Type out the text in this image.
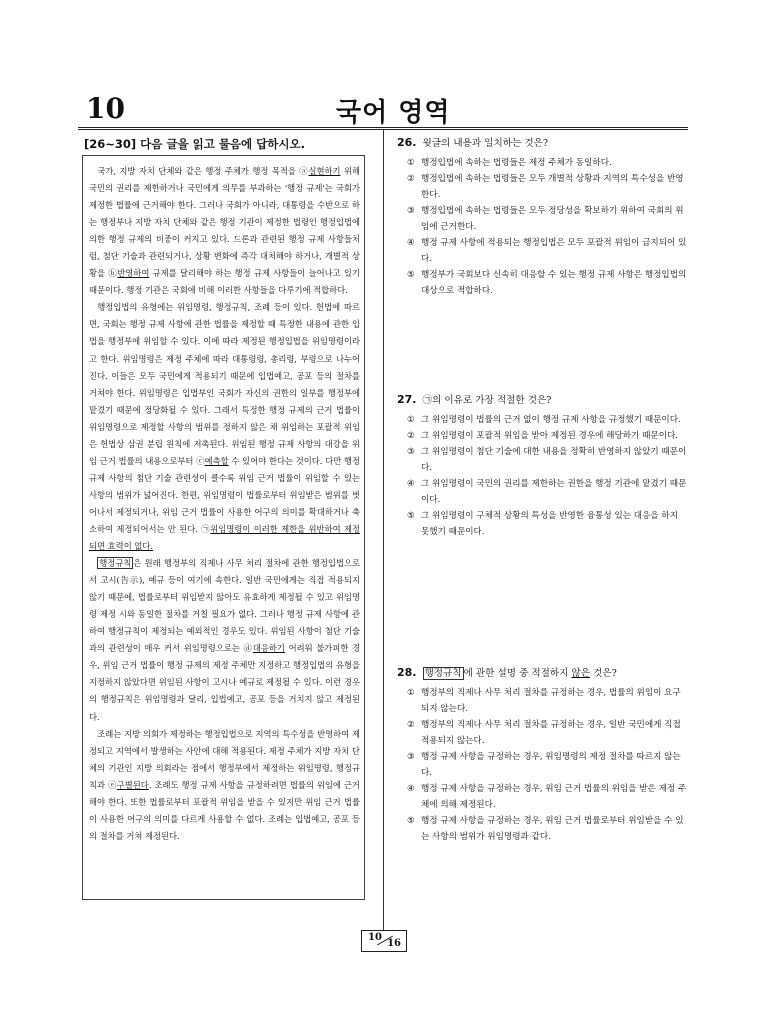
10	국어 영역
[26~30] 다음 글을 읽고 물음에 답하시오.

국가, 지방 자치 단체와 같은 행정 주체가 행정 목적을 ⓐ실현하기 위해 국민의 권리를 제한하거나 국민에게 의무를 부과하는 '행정 규제'는 국회가 제정한 법률에 근거해야 한다. 그러나 국회가 아니라, 대통령을 수반으로 하는 행정부나 지방 자치 단체와 같은 행정 기관이 제정한 법령인 행정입법에 의한 행정 규제의 비중이 커지고 있다. 드론과 관련된 행정 규제 사항들처럼, 첨단 기술과 관련되거나, 상황 변화에 즉각 대처해야 하거나, 개별적 상황을 ⓑ반영하여 규제를 달리해야 하는 행정 규제 사항들이 늘어나고 있기 때문이다. 행정 기관은 국회에 비해 이러한 사항들을 다루기에 적합하다.

행정입법의 유형에는 위임명령, 행정규칙, 조례 등이 있다. 헌법에 따르면, 국회는 행정 규제 사항에 관한 법률을 제정할 때 특정한 내용에 관한 입법을 행정부에 위임할 수 있다. 이에 따라 제정된 행정입법을 위임명령이라고 한다. 위임명령은 제정 주체에 따라 대통령령, 총리령, 부령으로 나누어진다. 이들은 모두 국민에게 적용되기 때문에 입법예고, 공포 등의 절차를 거쳐야 한다. 위임명령은 입법부인 국회가 자신의 권한의 일부를 행정부에 맡겼기 때문에 정당화될 수 있다. 그래서 특정한 행정 규제의 근거 법률이 위임명령으로 제정할 사항의 범위를 정하지 않은 채 위임하는 포괄적 위임은 헌법상 삼권 분립 원칙에 저촉된다. 위임된 행정 규제 사항의 대강을 위임 근거 법률의 내용으로부터 ⓒ예측할 수 있어야 한다는 것이다. 다만 행정 규제 사항의 첨단 기술 관련성이 클수록 위임 근거 법률이 위임할 수 있는 사항의 범위가 넓어진다. 한편, 위임명령이 법률로부터 위임받은 범위를 벗어나서 제정되거나, 위임 근거 법률이 사용한 어구의 의미를 확대하거나 축소하여 제정되어서는 안 된다. ㉠위임명령이 이러한 제한을 위반하여 제정되면 효력이 없다.

행정규칙 은 원래 행정부의 직제나 사무 처리 절차에 관한 행정입법으로서 고시(告示), 예규 등이 여기에 속한다. 일반 국민에게는 직접 적용되지 않기 때문에, 법률로부터 위임받지 않아도 유효하게 제정될 수 있고 위임명령 제정 시와 동일한 절차를 거칠 필요가 없다. 그러나 행정 규제 사항에 관하여 행정규칙이 제정되는 예외적인 경우도 있다. 위임된 사항이 첨단 기술과의 관련성이 매우 커서 위임명령으로는 ⓓ대응하기 어려워 불가피한 경우, 위임 근거 법률이 행정 규제의 제정 주체만 지정하고 행정입법의 유형을 지정하지 않았다면 위임된 사항이 고시나 예규로 제정될 수 있다. 이런 경우의 행정규칙은 위임명령과 달리, 입법예고, 공포 등을 거치지 않고 제정된다.

조례는 지방 의회가 제정하는 행정입법으로 지역의 특수성을 반영하여 제정되고 지역에서 발생하는 사안에 대해 적용된다. 제정 주체가 지방 자치 단체의 기관인 지방 의회라는 점에서 행정부에서 제정하는 위임명령, 행정규칙과 ⓔ구별된다. 조례도 행정 규제 사항을 규정하려면 법률의 위임에 근거해야 한다. 또한 법률로부터 포괄적 위임을 받을 수 있지만 위임 근거 법률이 사용한 어구의 의미를 다르게 사용할 수 없다. 조례는 입법예고, 공포 등의 절차를 거쳐 제정된다.

26. 윗글의 내용과 일치하는 것은?
① 행정입법에 속하는 법령들은 제정 주체가 동일하다.
② 행정입법에 속하는 법령들은 모두 개별적 상황과 지역의 특수성을 반영한다.
③ 행정입법에 속하는 법령들은 모두 정당성을 확보하기 위하여 국회의 위임에 근거한다.
④ 행정 규제 사항에 적용되는 행정입법은 모두 포괄적 위임이 금지되어 있다.
⑤ 행정부가 국회보다 신속히 대응할 수 있는 행정 규제 사항은 행정입법의 대상으로 적합하다.
27. ㉠의 이유로 가장 적절한 것은?
① 그 위임명령이 법률의 근거 없이 행정 규제 사항을 규정했기 때문이다.
② 그 위임명령이 포괄적 위임을 받아 제정된 경우에 해당하기 때문이다.
③ 그 위임명령이 첨단 기술에 대한 내용을 정확히 반영하지 않았기 때문이다.
④ 그 위임명령이 국민의 권리를 제한하는 권한을 행정 기관에 맡겼기 때문이다.
⑤ 그 위임명령이 구체적 상황의 특성을 반영한 융통성 있는 대응을 하지 못했기 때문이다.
28. 행정규칙 에 관한 설명 중 적절하지 않은 것은?
① 행정부의 직제나 사무 처리 절차를 규정하는 경우, 법률의 위임이 요구되지 않는다.
② 행정부의 직제나 사무 처리 절차를 규정하는 경우, 일반 국민에게 직접 적용되지 않는다.
③ 행정 규제 사항을 규정하는 경우, 위임명령의 제정 절차를 따르지 않는다.
④ 행정 규제 사항을 규정하는 경우, 위임 근거 법률의 위임을 받은 제정 주체에 의해 제정된다.
⑤ 행정 규제 사항을 규정하는 경우, 위임 근거 법률로부터 위임받을 수 있는 사항의 범위가 위임명령과 같다.
10
16
